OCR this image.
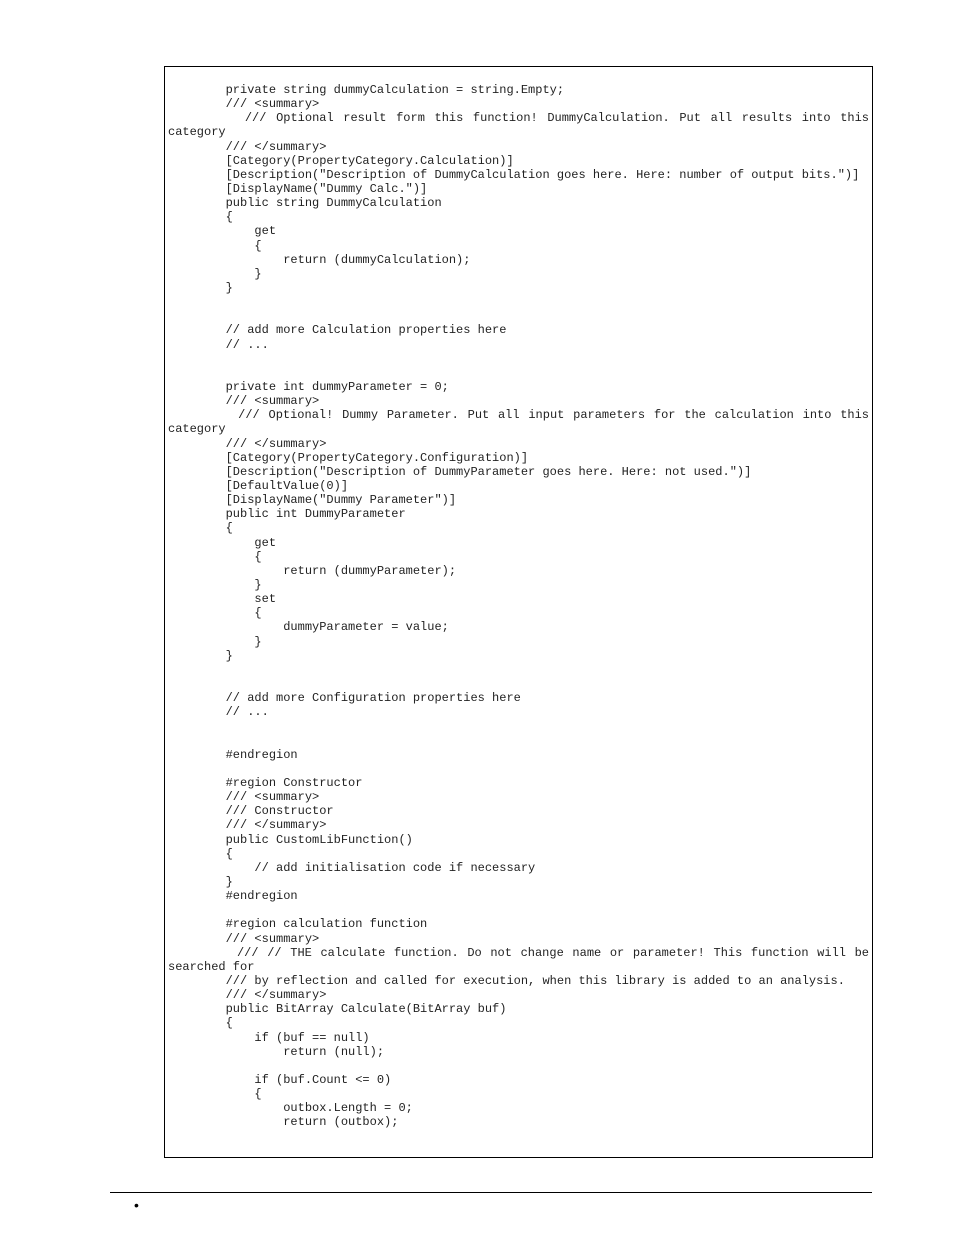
private string dummyCalculation = string.Empty;
/// <summary>
/// Optional result form this function! DummyCalculation. Put all results into this category
/// </summary>
[Category(PropertyCategory.Calculation)]
[Description("Description of DummyCalculation goes here. Here: number of output bits.")]
[DisplayName("Dummy Calc.")]
public string DummyCalculation
{
get
{
return (dummyCalculation);
}
}
// add more Calculation properties here
// ...
private int dummyParameter = 0;
/// <summary>
/// Optional! Dummy Parameter. Put all input parameters for the calculation into this category
/// </summary>
[Category(PropertyCategory.Configuration)]
[Description("Description of DummyParameter goes here. Here: not used.")]
[DefaultValue(0)]
[DisplayName("Dummy Parameter")]
public int DummyParameter
{
get
{
return (dummyParameter);
}
set
{
dummyParameter = value;
}
}
// add more Configuration properties here
// ...
#endregion
#region Constructor
/// <summary>
/// Constructor
/// </summary>
public CustomLibFunction()
{
// add initialisation code if necessary
}
#endregion
#region calculation function
/// <summary>
/// // THE calculate function. Do not change name or parameter! This function will be searched for
/// by reflection and called for execution, when this library is added to an analysis.
/// </summary>
public BitArray Calculate(BitArray buf)
{
if (buf == null)
return (null);
if (buf.Count <= 0)
{
outbox.Length = 0;
return (outbox);
•
